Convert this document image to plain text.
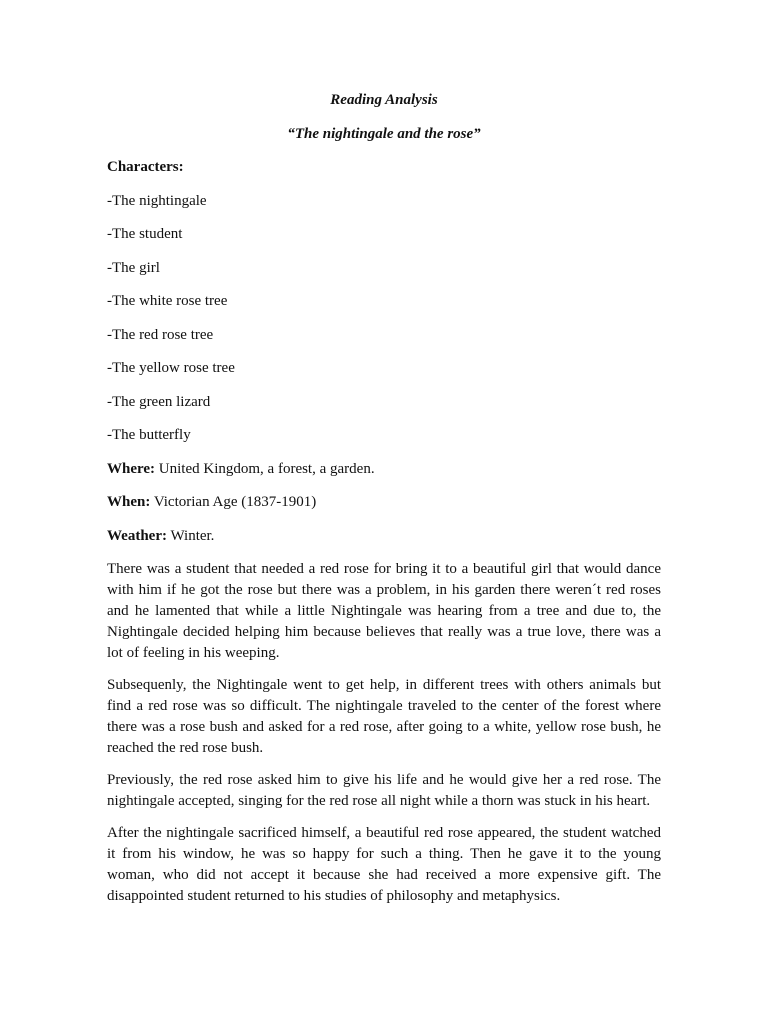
Reading Analysis
“The nightingale and the rose”
Characters:
-The nightingale
-The student
-The girl
-The white rose tree
-The red rose tree
-The yellow rose tree
-The green lizard
-The butterfly
Where: United Kingdom, a forest, a garden.
When: Victorian Age (1837-1901)
Weather: Winter.
There was a student that needed a red rose for bring it to a beautiful girl that would dance
with him if he got the rose but there was a problem, in his garden there weren´t red roses
and he lamented that while a little Nightingale was hearing from a tree and due to, the
Nightingale decided helping him because believes that really was a true love, there was a
lot of feeling in his weeping.
Subsequenly, the Nightingale went to get help, in different trees with others animals but
find a red rose was so difficult. The nightingale traveled to the center of the forest where
there was a rose bush and asked for a red rose, after going to a white, yellow rose bush, he
reached the red rose bush.
Previously, the red rose asked him to give his life and he would give her a red rose. The
nightingale accepted, singing for the red rose all night while a thorn was stuck in his heart.
After the nightingale sacrificed himself, a beautiful red rose appeared, the student watched
it from his window, he was so happy for such a thing. Then he gave it to the young
woman, who did not accept it because she had received a more expensive gift. The
disappointed student returned to his studies of philosophy and metaphysics.
